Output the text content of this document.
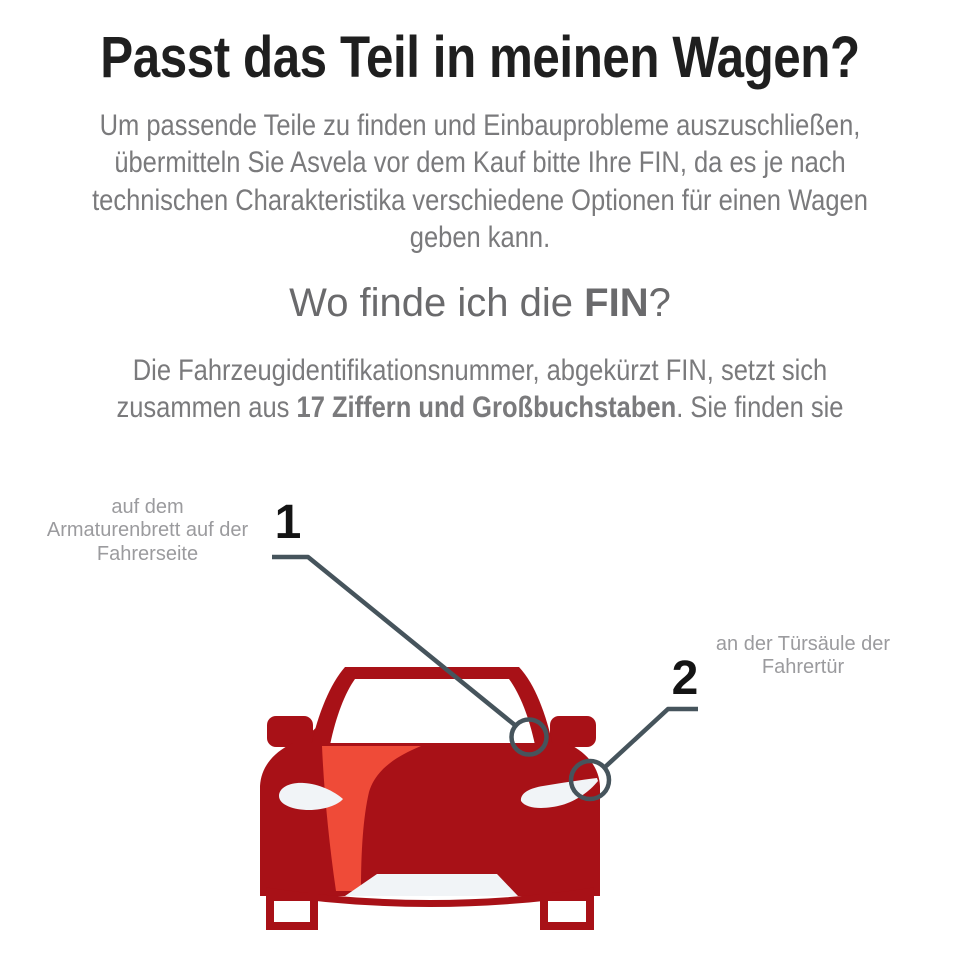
Passt das Teil in meinen Wagen?
Um passende Teile zu finden und Einbauprobleme auszuschließen,
übermitteln Sie Asvela vor dem Kauf bitte Ihre FIN, da es je nach
technischen Charakteristika verschiedene Optionen für einen Wagen
geben kann.
Wo finde ich die FIN?
Die Fahrzeugidentifikationsnummer, abgekürzt FIN, setzt sich
zusammen aus 17 Ziffern und Großbuchstaben. Sie finden sie
auf dem
Armaturenbrett auf der
Fahrerseite
1
an der Türsäule der
Fahrertür
2
